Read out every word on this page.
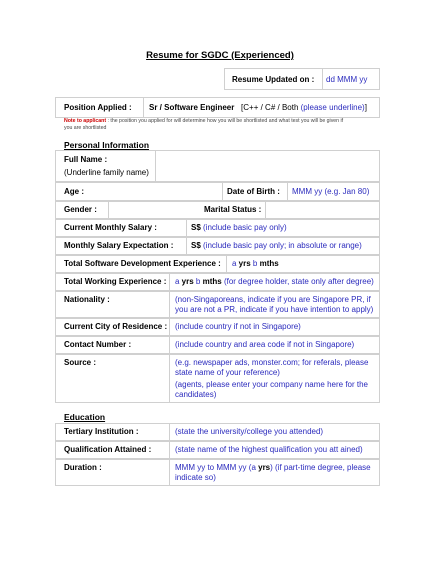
Resume for SGDC (Experienced)
Resume Updated on : dd MMM yy
Position Applied : Sr / Software Engineer [C++ / C# / Both (please underline)]
Note to applicant : the position you applied for will determine how you will be shortlisted and what test you will be given if
you are shortlisted
Personal Information
Full Name :
(Underline family name)
Age :	Date of Birth : MMM yy (e.g. Jan 80)
Gender :	Marital Status :
Current Monthly Salary :	S$ (include basic pay only)
Monthly Salary Expectation : S$ (include basic pay only; in absolute or range)
Total Software Development Experience : a yrs b mths
Total Working Experience : a yrs b mths (for degree holder, state only after degree)
Nationality :	(non-Singaporeans, indicate if you are Singapore PR, if
you are not a PR, indicate if you have intention to apply)
Current City of Residence : (include country if not in Singapore)
Contact Number :	(include country and area code if not in Singapore)
Source :	(e.g. newspaper ads, monster.com; for referals, please
state name of your reference)
(agents, please enter your company name here for the
candidates)
Education
Tertiary Institution :	(state the university/college you attended)
Qualification Attained :	(state name of the highest qualification you att ained)
Duration :	MMM yy to MMM yy (a yrs) (if part-time degree, please
indicate so)
